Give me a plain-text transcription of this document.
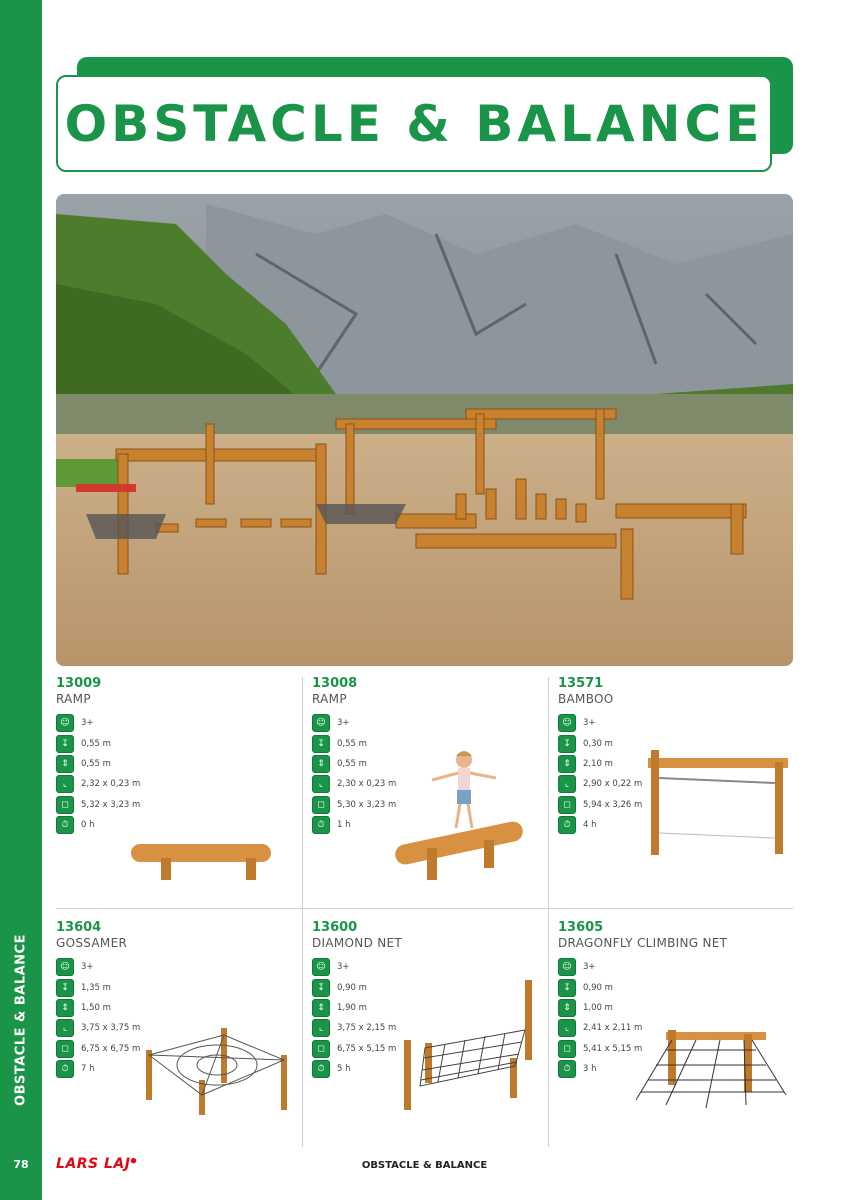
OBSTACLE & BALANCE
78
OBSTACLE & BALANCE
13009
RAMP
☺	3+
↧	0,55 m
⇕	0,55 m
⌞	2,32 x 0,23 m
◻	5,32 x 3,23 m
⏱	0 h
13008
RAMP
☺	3+
↧	0,55 m
⇕	0,55 m
⌞	2,30 x 0,23 m
◻	5,30 x 3,23 m
⏱	1 h
13571
BAMBOO
☺	3+
↧	0,30 m
⇕	2,10 m
⌞	2,90 x 0,22 m
◻	5,94 x 3,26 m
⏱	4 h
13604
GOSSAMER
☺	3+
↧	1,35 m
⇕	1,50 m
⌞	3,75 x 3,75 m
◻	6,75 x 6,75 m
⏱	7 h
13600
DIAMOND NET
☺	3+
↧	0,90 m
⇕	1,90 m
⌞	3,75 x 2,15 m
◻	6,75 x 5,15 m
⏱	5 h
13605
DRAGONFLY CLIMBING NET
☺	3+
↧	0,90 m
⇕	1,00 m
⌞	2,41 x 2,11 m
◻	5,41 x 5,15 m
⏱	3 h
LARS LAJ●	OBSTACLE & BALANCE
